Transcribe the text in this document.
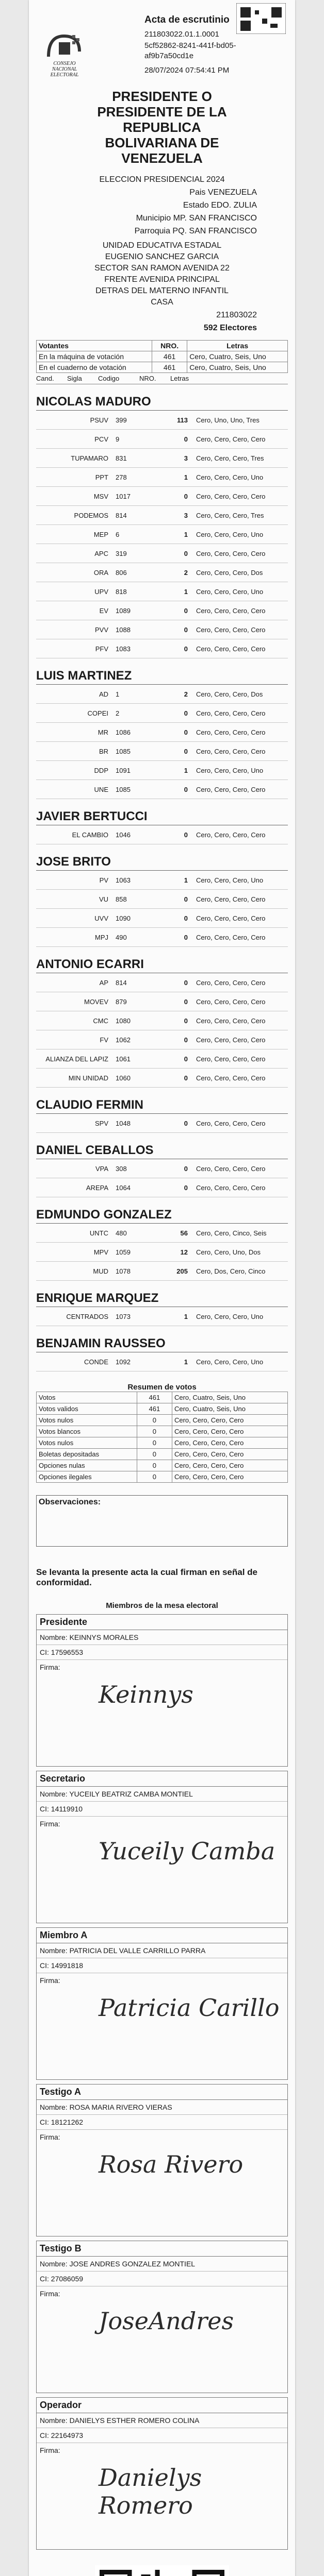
CONSEJO NACIONAL ELECTORAL
Acta de escrutinio
211803022.01.1.0001
5cf52862-8241-441f-bd05-
af9b7a50cd1e
28/07/2024 07:54:41 PM
PRESIDENTE O
PRESIDENTE DE LA
REPUBLICA
BOLIVARIANA DE
VENEZUELA
ELECCION PRESIDENCIAL 2024
Pais VENEZUELA
Estado EDO. ZULIA
Municipio MP. SAN FRANCISCO
Parroquia PQ. SAN FRANCISCO
UNIDAD EDUCATIVA ESTADAL
EUGENIO SANCHEZ GARCIA
SECTOR SAN RAMON AVENIDA 22
FRENTE AVENIDA PRINCIPAL
DETRAS DEL MATERNO INFANTIL
CASA
211803022
592 Electores
Votantes	NRO.	Letras
En la máquina de votación	461	Cero, Cuatro, Seis, Uno
En el cuaderno de votación	461	Cero, Cuatro, Seis, Uno
Cand.	Sigla	Codigo	NRO.	Letras
NICOLAS MADURO
PSUV	399	113	Cero, Uno, Uno, Tres
PCV	9	0	Cero, Cero, Cero, Cero
TUPAMARO	831	3	Cero, Cero, Cero, Tres
PPT	278	1	Cero, Cero, Cero, Uno
MSV	1017	0	Cero, Cero, Cero, Cero
PODEMOS	814	3	Cero, Cero, Cero, Tres
MEP	6	1	Cero, Cero, Cero, Uno
APC	319	0	Cero, Cero, Cero, Cero
ORA	806	2	Cero, Cero, Cero, Dos
UPV	818	1	Cero, Cero, Cero, Uno
EV	1089	0	Cero, Cero, Cero, Cero
PVV	1088	0	Cero, Cero, Cero, Cero
PFV	1083	0	Cero, Cero, Cero, Cero
LUIS MARTINEZ
AD	1	2	Cero, Cero, Cero, Dos
COPEI	2	0	Cero, Cero, Cero, Cero
MR	1086	0	Cero, Cero, Cero, Cero
BR	1085	0	Cero, Cero, Cero, Cero
DDP	1091	1	Cero, Cero, Cero, Uno
UNE	1085	0	Cero, Cero, Cero, Cero
JAVIER BERTUCCI
EL CAMBIO	1046	0	Cero, Cero, Cero, Cero
JOSE BRITO
PV	1063	1	Cero, Cero, Cero, Uno
VU	858	0	Cero, Cero, Cero, Cero
UVV	1090	0	Cero, Cero, Cero, Cero
MPJ	490	0	Cero, Cero, Cero, Cero
ANTONIO ECARRI
AP	814	0	Cero, Cero, Cero, Cero
MOVEV	879	0	Cero, Cero, Cero, Cero
CMC	1080	0	Cero, Cero, Cero, Cero
FV	1062	0	Cero, Cero, Cero, Cero
ALIANZA DEL LAPIZ	1061	0	Cero, Cero, Cero, Cero
MIN UNIDAD	1060	0	Cero, Cero, Cero, Cero
CLAUDIO FERMIN
SPV	1048	0	Cero, Cero, Cero, Cero
DANIEL CEBALLOS
VPA	308	0	Cero, Cero, Cero, Cero
AREPA	1064	0	Cero, Cero, Cero, Cero
EDMUNDO GONZALEZ
UNTC	480	56	Cero, Cero, Cinco, Seis
MPV	1059	12	Cero, Cero, Uno, Dos
MUD	1078	205	Cero, Dos, Cero, Cinco
ENRIQUE MARQUEZ
CENTRADOS	1073	1	Cero, Cero, Cero, Uno
BENJAMIN RAUSSEO
CONDE	1092	1	Cero, Cero, Cero, Uno
Resumen de votos
Votos	461	Cero, Cuatro, Seis, Uno
Votos validos	461	Cero, Cuatro, Seis, Uno
Votos nulos	0	Cero, Cero, Cero, Cero
Votos blancos	0	Cero, Cero, Cero, Cero
Votos nulos	0	Cero, Cero, Cero, Cero
Boletas depositadas	0	Cero, Cero, Cero, Cero
Opciones nulas	0	Cero, Cero, Cero, Cero
Opciones ilegales	0	Cero, Cero, Cero, Cero
Observaciones:
Se levanta la presente acta la cual firman en señal de conformidad.
Miembros de la mesa electoral
Presidente
Nombre: KEINNYS MORALES
CI: 17596553
Firma:
Keinnys
Secretario
Nombre: YUCEILY BEATRIZ CAMBA MONTIEL
CI: 14119910
Firma:
Yuceily Camba
Miembro A
Nombre: PATRICIA DEL VALLE CARRILLO PARRA
CI: 14991818
Firma:
Patricia Carillo
Testigo A
Nombre: ROSA MARIA RIVERO VIERAS
CI: 18121262
Firma:
Rosa Rivero
Testigo B
Nombre: JOSE ANDRES GONZALEZ MONTIEL
CI: 27086059
Firma:
JoseAndres
Operador
Nombre: DANIELYS ESTHER ROMERO COLINA
CI: 22164973
Firma:
Danielys Romero
